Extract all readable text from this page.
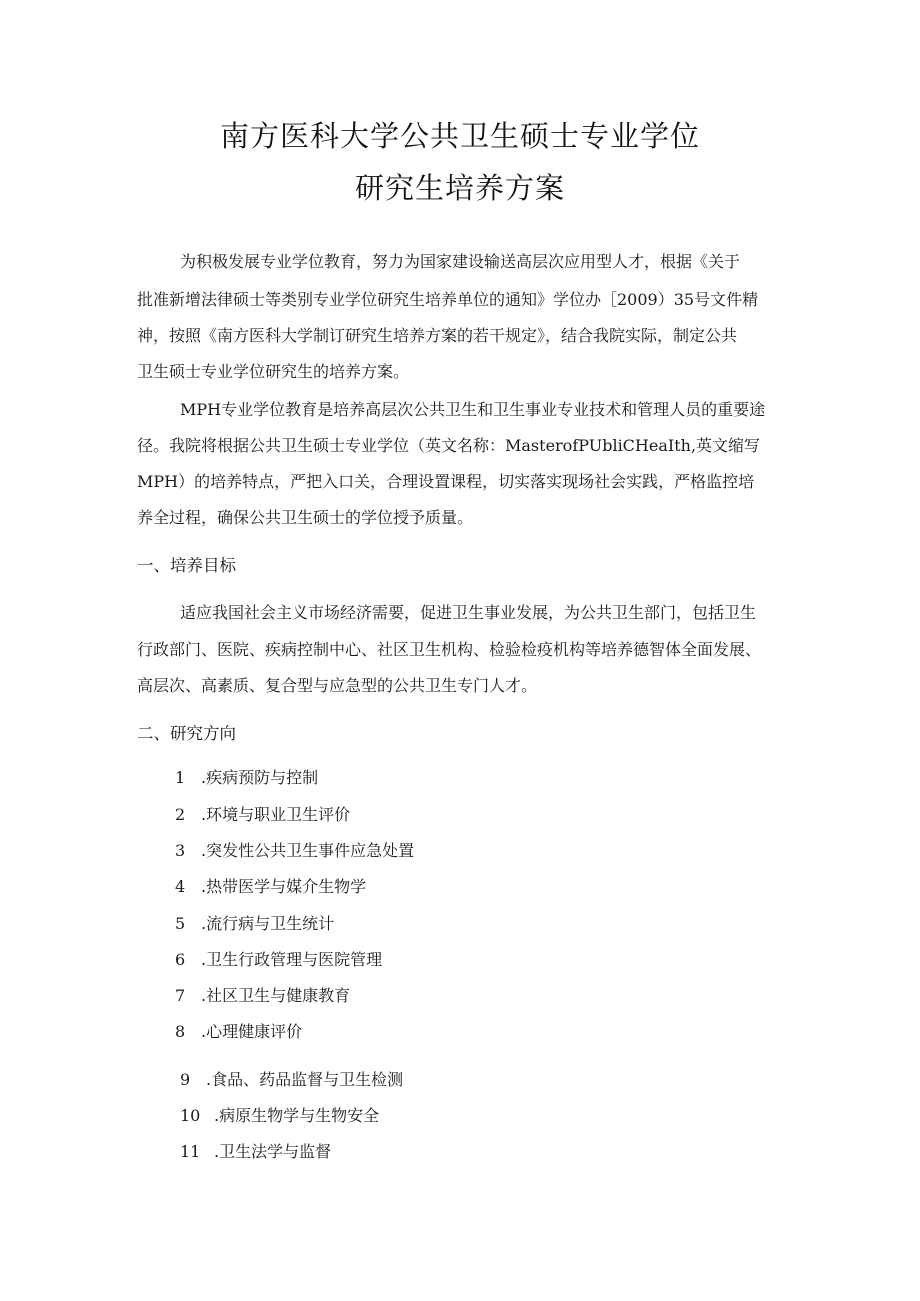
南方医科大学公共卫生硕士专业学位
研究生培养方案
为积极发展专业学位教育，努力为国家建设输送高层次应用型人才，根据《关于
批准新增法律硕士等类别专业学位研究生培养单位的通知》学位办［2009）35号文件精
神，按照《南方医科大学制订研究生培养方案的若干规定》，结合我院实际，制定公共
卫生硕士专业学位研究生的培养方案。
MPH专业学位教育是培养高层次公共卫生和卫生事业专业技术和管理人员的重要途
径。我院将根据公共卫生硕士专业学位（英文名称：MasterofPUbliCHeaIth,英文缩写
MPH）的培养特点，严把入口关，合理设置课程，切实落实现场社会实践，严格监控培
养全过程，确保公共卫生硕士的学位授予质量。
一、培养目标
适应我国社会主义市场经济需要，促进卫生事业发展，为公共卫生部门，包括卫生
行政部门、医院、疾病控制中心、社区卫生机构、检验检疫机构等培养德智体全面发展、
高层次、高素质、复合型与应急型的公共卫生专门人才。
二、研究方向
1 .疾病预防与控制
2 .环境与职业卫生评价
3 .突发性公共卫生事件应急处置
4 .热带医学与媒介生物学
5 .流行病与卫生统计
6 .卫生行政管理与医院管理
7 .社区卫生与健康教育
8 .心理健康评价
9 .食品、药品监督与卫生检测
10 .病原生物学与生物安全
11 .卫生法学与监督
